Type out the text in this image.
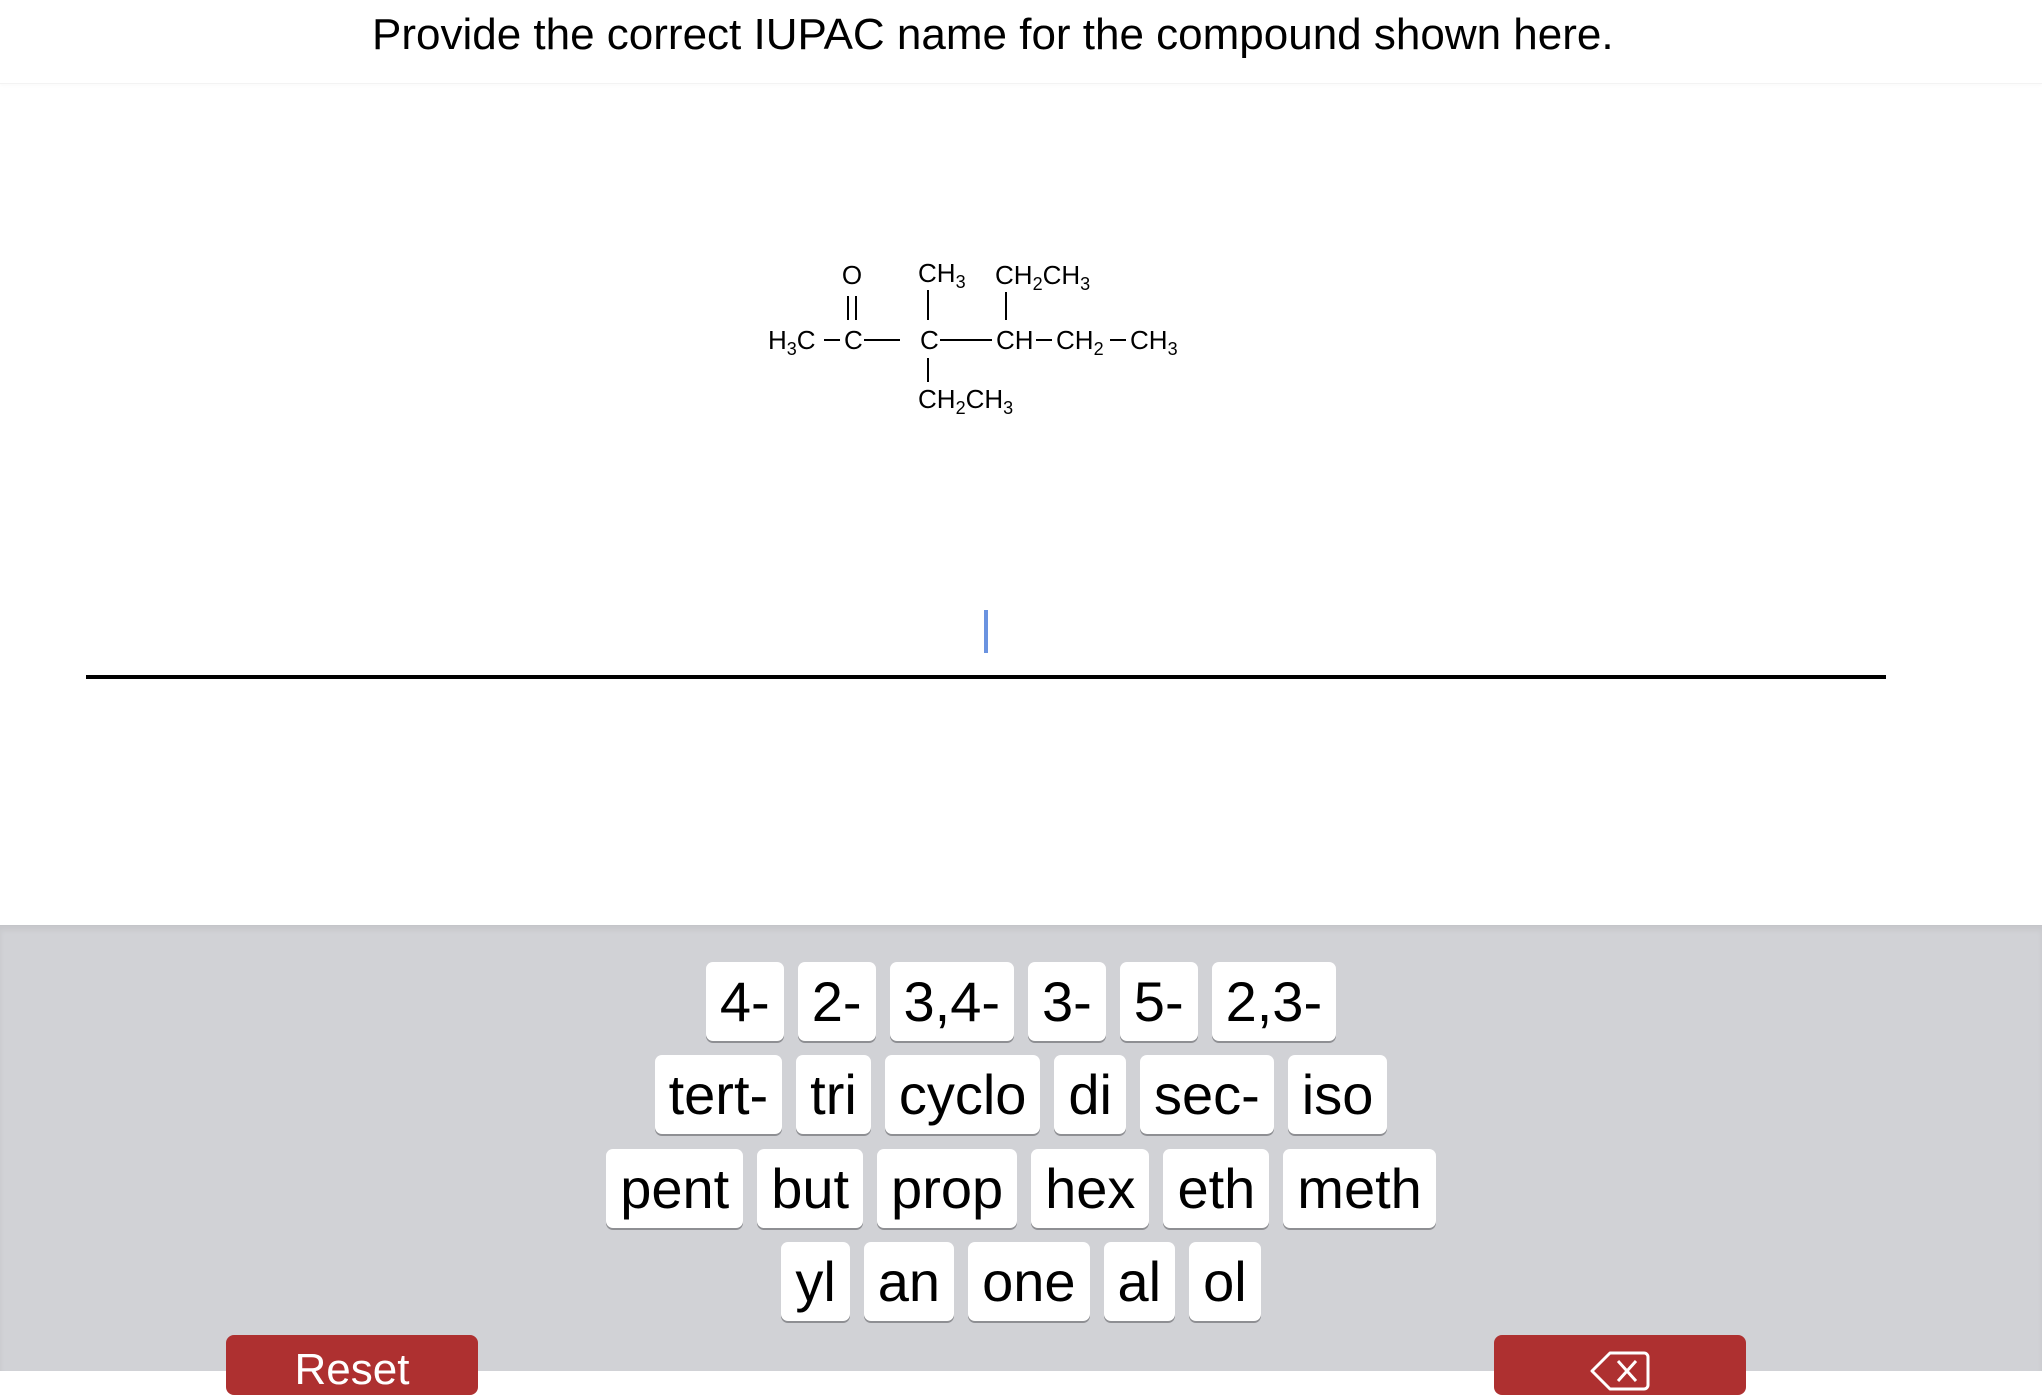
Provide the correct IUPAC name for the compound shown here.
O $CH_3$ $CH_2CH_3$
$H_3C$ C C CH $CH_2$ $CH_3$
$CH_2CH_3$
4- 2- 3,4- 3- 5- 2,3-
tert- tri cyclo di sec- iso
pent but prop hex eth meth
yl an one al ol
Reset
